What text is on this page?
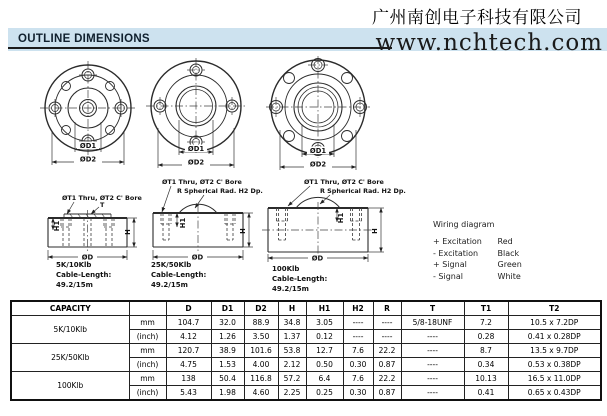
广州南创电子科技有限公司
OUTLINE DIMENSIONS	www.nchtech.com
ØD1
ØD2
ØD1
ØD2
ØD1
ØD2
ØT1 Thru, ØT2 C' Bore
T
H1
H
ØD
5K/10Klb
Cable-Length:
49.2/15m
ØT1 Thru, ØT2 C' Bore
R Spherical Rad. H2 Dp.
H1
H
ØD
25K/50Klb
Cable-Length:
49.2/15m
ØT1 Thru, ØT2 C' Bore
R Spherical Rad. H2 Dp.
H1
H
ØD
100Klb
Cable-Length:
49.2/15m
Wiring diagram
+ Excitation Red
- Excitation Black
+ Signal	Green
- Signal	White
CAPACITY		D	D1	D2	H	H1	H2	R	T	T1	T2
5K/10Klb	mm	104.7	32.0	88.9	34.8	3.05	----	----	5/8-18UNF	7.2	10.5 x 7.2DP
	(inch)	4.12	1.26	3.50	1.37	0.12	----	----	----	0.28	0.41 x 0.28DP
25K/50Klb	mm	120.7	38.9	101.6	53.8	12.7	7.6	22.2	----	8.7	13.5 x 9.7DP
	(inch)	4.75	1.53	4.00	2.12	0.50	0.30	0.87	----	0.34	0.53 x 0.38DP
100Klb	mm	138	50.4	116.8	57.2	6.4	7.6	22.2	----	10.13	16.5 x 11.0DP
	(inch)	5.43	1.98	4.60	2.25	0.25	0.30	0.87	----	0.41	0.65 x 0.43DP
